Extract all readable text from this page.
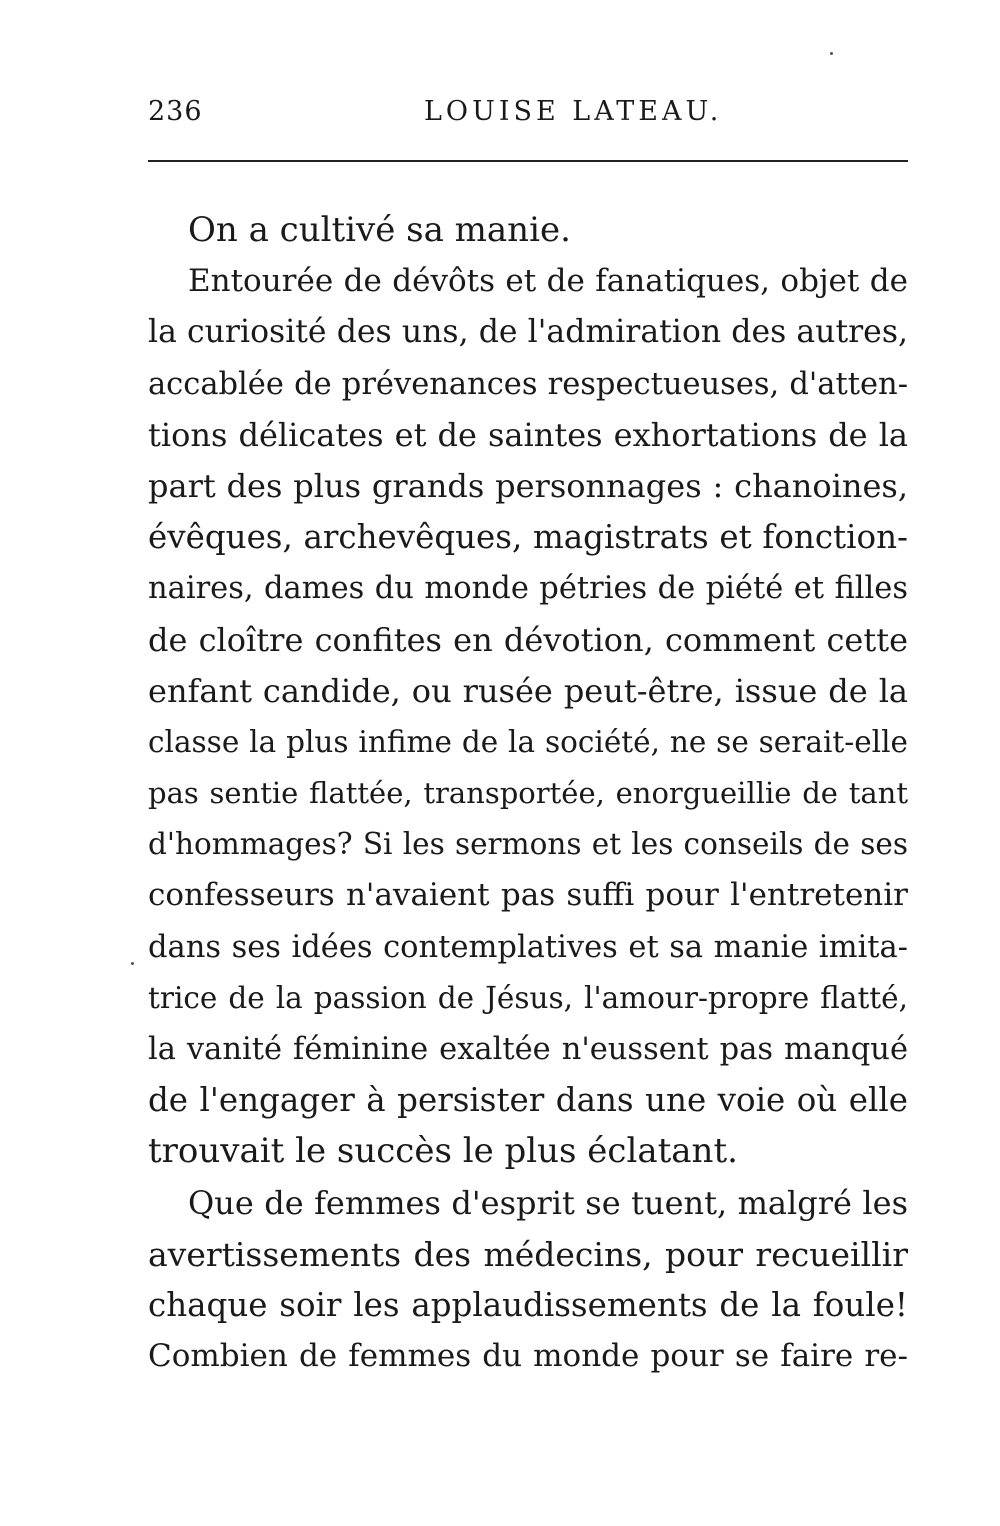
236	LOUISE LATEAU.
On a cultivé sa manie.
Entourée de dévôts et de fanatiques, objet de
la curiosité des uns, de l'admiration des autres,
accablée de prévenances respectueuses, d'atten-
tions délicates et de saintes exhortations de la
part des plus grands personnages : chanoines,
évêques, archevêques, magistrats et fonction-
naires, dames du monde pétries de piété et filles
de cloître confites en dévotion, comment cette
enfant candide, ou rusée peut-être, issue de la
classe la plus infime de la société, ne se serait-elle
pas sentie flattée, transportée, enorgueillie de tant
d'hommages? Si les sermons et les conseils de ses
confesseurs n'avaient pas suffi pour l'entretenir
dans ses idées contemplatives et sa manie imita-
trice de la passion de Jésus, l'amour-propre flatté,
la vanité féminine exaltée n'eussent pas manqué
de l'engager à persister dans une voie où elle
trouvait le succès le plus éclatant.
Que de femmes d'esprit se tuent, malgré les
avertissements des médecins, pour recueillir
chaque soir les applaudissements de la foule!
Combien de femmes du monde pour se faire re-
